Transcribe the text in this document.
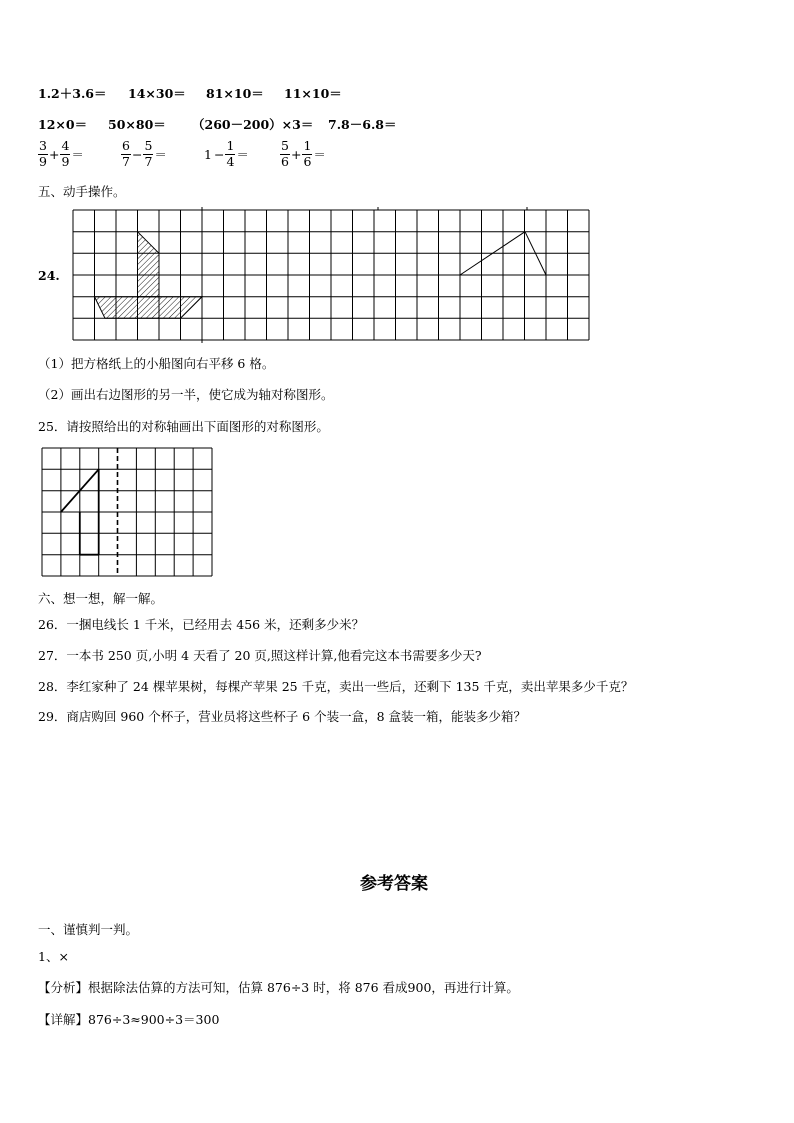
1.2＋3.6＝ 14×30＝ 81×10＝ 11×10＝
12×0＝ 50×80＝ （260－200）×3＝ 7.8－6.8＝
$\frac{3}{9} + \frac{4}{9}$ ＝	$\frac{6}{7} - \frac{5}{7}$ ＝	$1 - \frac{1}{4} = \frac{5}{6} + \frac{1}{6}$ ＝
五、动手操作。
24.
（1）把方格纸上的小船图向右平移 6 格。
（2）画出右边图形的另一半，使它成为轴对称图形。
25．请按照给出的对称轴画出下面图形的对称图形。
六、想一想，解一解。
26．一捆电线长 1 千米，已经用去 456 米，还剩多少米？
27．一本书 250 页,小明 4 天看了 20 页,照这样计算,他看完这本书需要多少天?
28．李红家种了 24 棵苹果树，每棵产苹果 25 千克，卖出一些后，还剩下 135 千克，卖出苹果多少千克？
29．商店购回 960 个杯子，营业员将这些杯子 6 个装一盒，8 盒装一箱，能装多少箱？
参考答案
一、谨慎判一判。
1、×
【分析】根据除法估算的方法可知，估算 876÷3 时，将 876 看成900，再进行计算。
【详解】876÷3≈900÷3＝300
